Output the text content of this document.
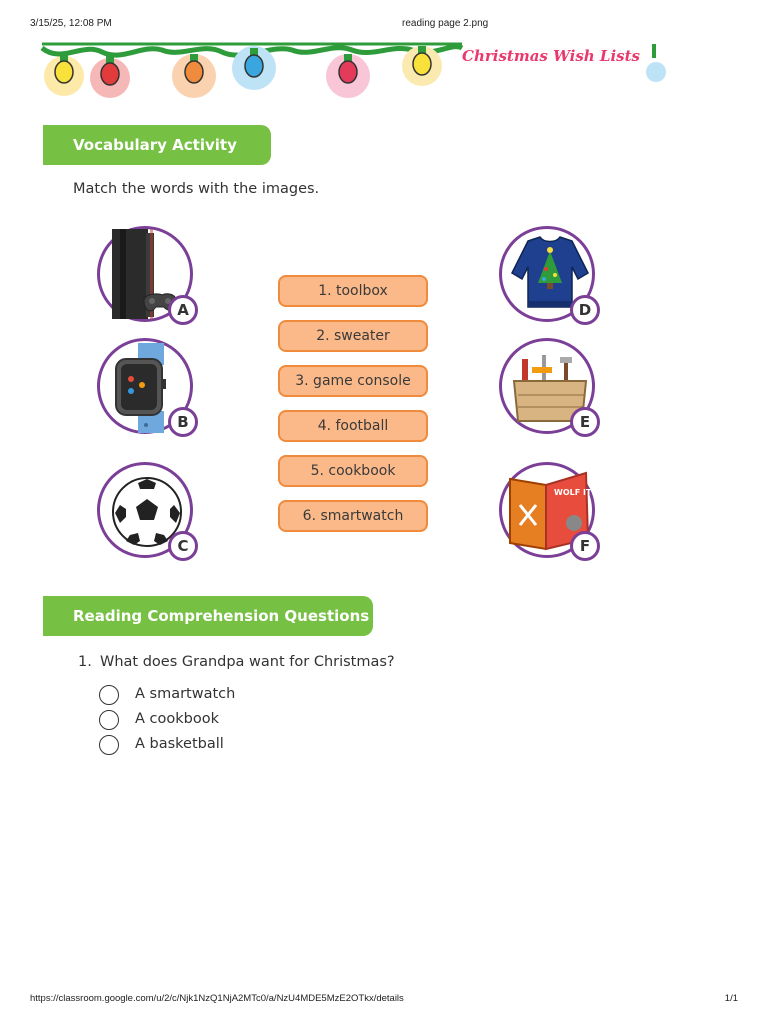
3/15/25, 12:08 PM	reading page 2.png
Christmas Wish Lists
Vocabulary Activity
Match the words with the images.
A
B
C
D
E
WOLF IT DOWN
F
1. toolbox
2. sweater
3. game console
4. football
5. cookbook
6. smartwatch
Reading Comprehension Questions
1. What does Grandpa want for Christmas?
A smartwatch
A cookbook
A basketball
https://classroom.google.com/u/2/c/Njk1NzQ1NjA2MTc0/a/NzU4MDE5MzE2OTkx/details	1/1
